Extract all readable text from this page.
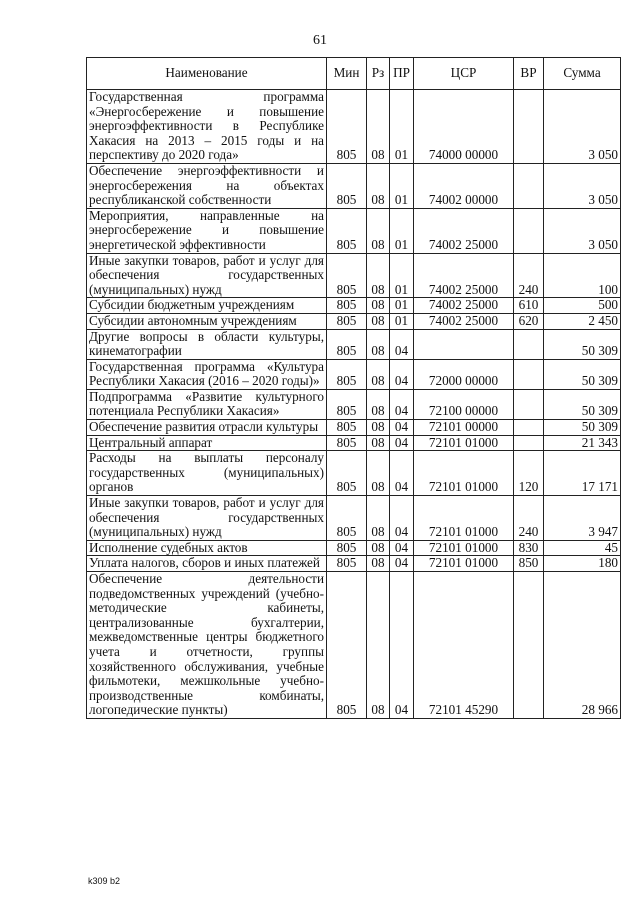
61
Наименование	Мин	Рз	ПР	ЦСР	ВР	Сумма
Государственная программа «Энергосбережение и повышение энергоэффективности в Республике Хакасия на 2013 – 2015 годы и на перспективу до 2020 года»	805	08	01	74000 00000		3 050
Обеспечение энергоэффективности и энергосбережения на объектах республиканской собственности	805	08	01	74002 00000		3 050
Мероприятия, направленные на энергосбережение и повышение энергетической эффективности	805	08	01	74002 25000		3 050
Иные закупки товаров, работ и услуг для обеспечения государственных (муниципальных) нужд	805	08	01	74002 25000	240	100
Субсидии бюджетным учреждениям	805	08	01	74002 25000	610	500
Субсидии автономным учреждениям	805	08	01	74002 25000	620	2 450
Другие вопросы в области культуры, кинематографии	805	08	04			50 309
Государственная программа «Культура Республики Хакасия (2016 – 2020 годы)»	805	08	04	72000 00000		50 309
Подпрограмма «Развитие культурного потенциала Республики Хакасия»	805	08	04	72100 00000		50 309
Обеспечение развития отрасли культуры	805	08	04	72101 00000		50 309
Центральный аппарат	805	08	04	72101 01000		21 343
Расходы на выплаты персоналу государственных (муниципальных) органов	805	08	04	72101 01000	120	17 171
Иные закупки товаров, работ и услуг для обеспечения государственных (муниципальных) нужд	805	08	04	72101 01000	240	3 947
Исполнение судебных актов	805	08	04	72101 01000	830	45
Уплата налогов, сборов и иных платежей	805	08	04	72101 01000	850	180
Обеспечение деятельности подведомственных учреждений (учебно-методические кабинеты, централизованные бухгалтерии, межведомственные центры бюджетного учета и отчетности, группы хозяйственного обслуживания, учебные фильмотеки, межшкольные учебно-производственные комбинаты, логопедические пункты)	805	08	04	72101 45290		28 966
k309 b2
